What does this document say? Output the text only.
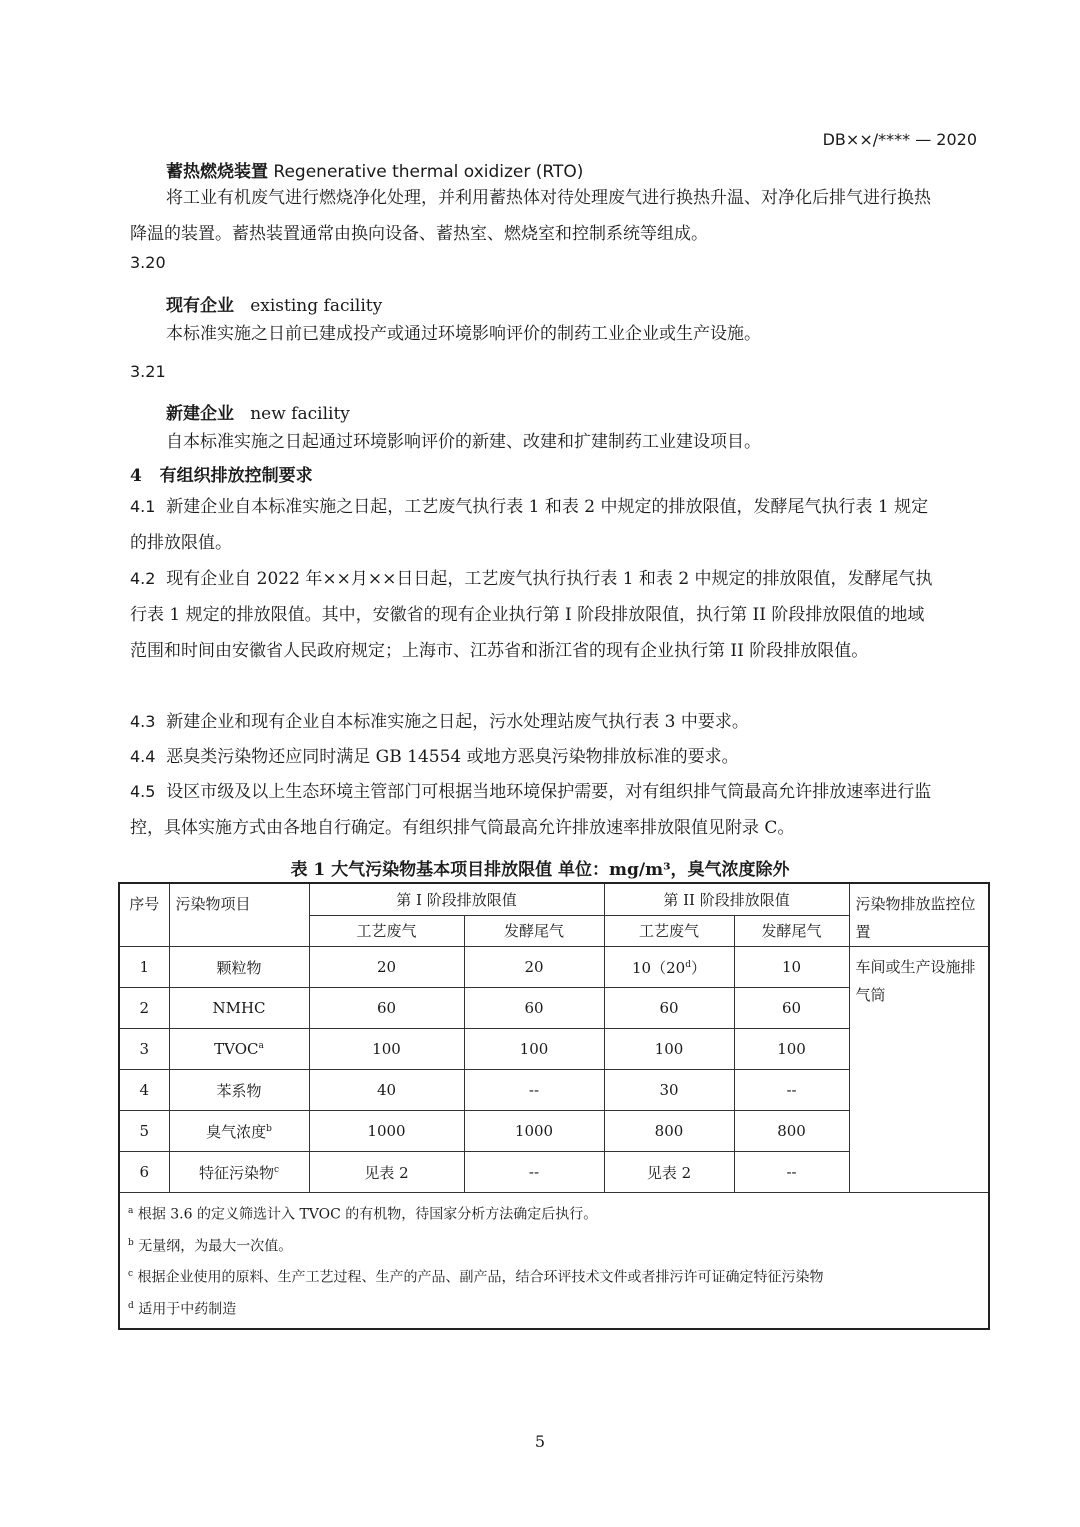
DB××/**** — 2020
蓄热燃烧装置 Regenerative thermal oxidizer (RTO)
将工业有机废气进行燃烧净化处理，并利用蓄热体对待处理废气进行换热升温、对净化后排气进行换热降温的装置。蓄热装置通常由换向设备、蓄热室、燃烧室和控制系统等组成。
3.20
现有企业 existing facility
本标准实施之日前已建成投产或通过环境影响评价的制药工业企业或生产设施。
3.21
新建企业 new facility
自本标准实施之日起通过环境影响评价的新建、改建和扩建制药工业建设项目。
4 有组织排放控制要求
4.1 新建企业自本标准实施之日起，工艺废气执行表 1 和表 2 中规定的排放限值，发酵尾气执行表 1 规定的排放限值。
4.2 现有企业自 2022 年××月××日日起，工艺废气执行执行表 1 和表 2 中规定的排放限值，发酵尾气执行表 1 规定的排放限值。其中，安徽省的现有企业执行第 I 阶段排放限值，执行第 II 阶段排放限值的地域范围和时间由安徽省人民政府规定；上海市、江苏省和浙江省的现有企业执行第 II 阶段排放限值。
4.3 新建企业和现有企业自本标准实施之日起，污水处理站废气执行表 3 中要求。
4.4 恶臭类污染物还应同时满足 GB 14554 或地方恶臭污染物排放标准的要求。
4.5 设区市级及以上生态环境主管部门可根据当地环境保护需要，对有组织排气筒最高允许排放速率进行监控，具体实施方式由各地自行确定。有组织排气筒最高允许排放速率排放限值见附录 C。
表 1 大气污染物基本项目排放限值 单位：mg/m³，臭气浓度除外
序号	污染物项目	第 I 阶段排放限值		第 II 阶段排放限值		污染物排放监控位置
		工艺废气	发酵尾气	工艺废气	发酵尾气	
1	颗粒物	20	20	10（20$^d$）	10	车间或生产设施排气筒
2	NMHC	60	60	60	60	
3	TVOC$^a$	100	100	100	100	
4	苯系物	40	--	30	--	
5	臭气浓度$^b$	1000	1000	800	800	
6	特征污染物$^c$	见表 2	--	见表 2	--	

$^a$ 根据 3.6 的定义筛选计入 TVOC 的有机物，待国家分析方法确定后执行。
$^b$ 无量纲，为最大一次值。
$^c$ 根据企业使用的原料、生产工艺过程、生产的产品、副产品，结合环评技术文件或者排污许可证确定特征污染物
$^d$ 适用于中药制造						
5
